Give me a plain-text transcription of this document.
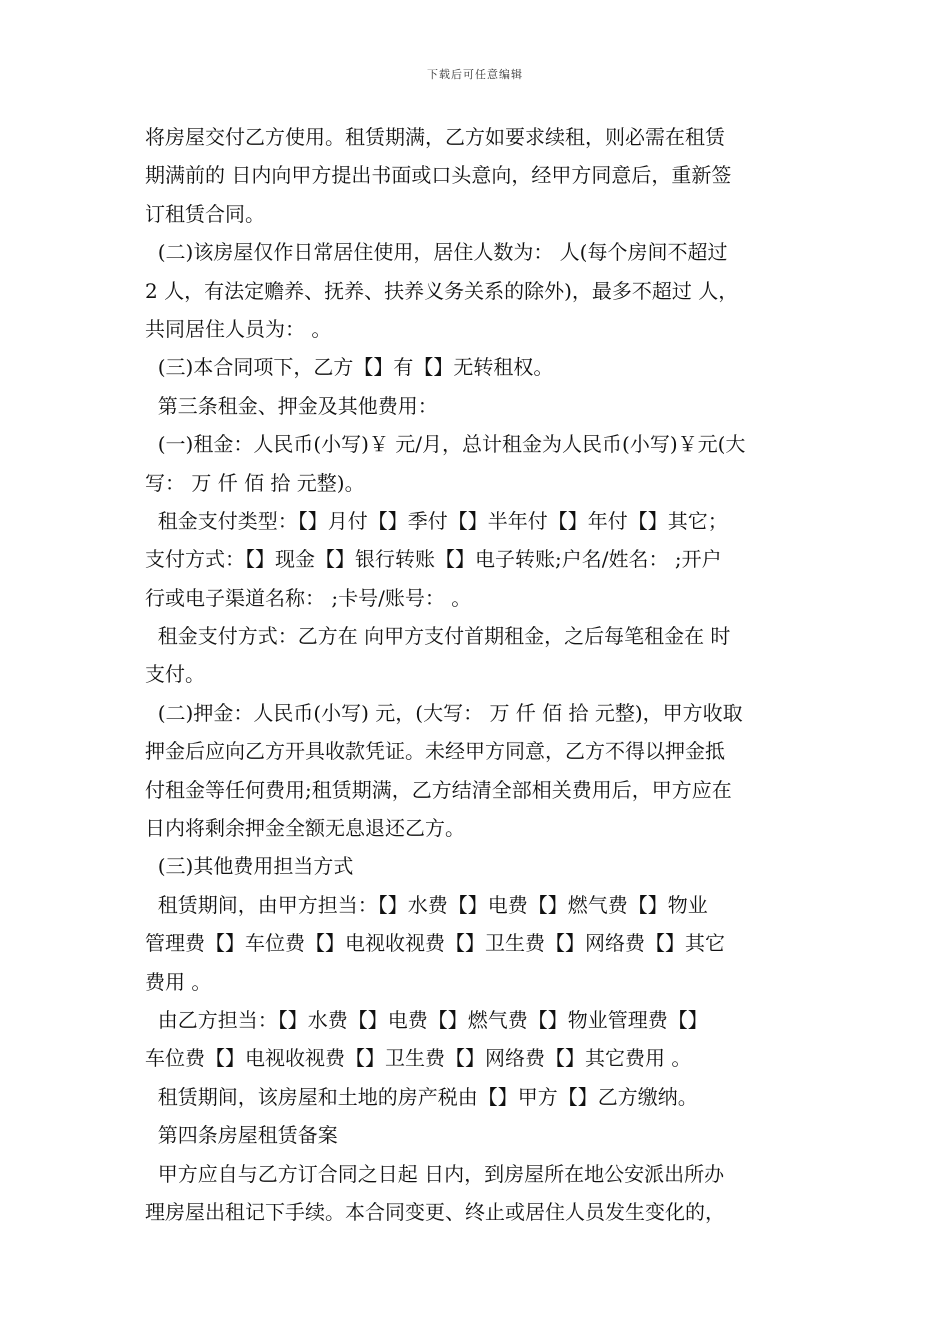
下载后可任意编辑
将房屋交付乙方使用。租赁期满，乙方如要求续租，则必需在租赁
期满前的 日内向甲方提出书面或口头意向，经甲方同意后，重新签
订租赁合同。
(二)该房屋仅作日常居住使用，居住人数为： 人(每个房间不超过
2 人，有法定赡养、抚养、扶养义务关系的除外)，最多不超过 人，
共同居住人员为： 。
(三)本合同项下，乙方【】有【】无转租权。
第三条租金、押金及其他费用：
(一)租金：人民币(小写)￥ 元/月，总计租金为人民币(小写)￥元(大
写： 万 仟 佰 拾 元整)。
租金支付类型：【】月付【】季付【】半年付【】年付【】其它；
支付方式：【】现金【】银行转账【】电子转账;户名/姓名： ;开户
行或电子渠道名称： ;卡号/账号： 。
租金支付方式：乙方在 向甲方支付首期租金，之后每笔租金在 时
支付。
(二)押金：人民币(小写) 元，(大写： 万 仟 佰 拾 元整)，甲方收取
押金后应向乙方开具收款凭证。未经甲方同意，乙方不得以押金抵
付租金等任何费用;租赁期满，乙方结清全部相关费用后，甲方应在
日内将剩余押金全额无息退还乙方。
(三)其他费用担当方式
租赁期间，由甲方担当：【】水费【】电费【】燃气费【】物业
管理费【】车位费【】电视收视费【】卫生费【】网络费【】其它
费用 。
由乙方担当：【】水费【】电费【】燃气费【】物业管理费【】
车位费【】电视收视费【】卫生费【】网络费【】其它费用 。
租赁期间，该房屋和土地的房产税由【】甲方【】乙方缴纳。
第四条房屋租赁备案
甲方应自与乙方订合同之日起 日内，到房屋所在地公安派出所办
理房屋出租记下手续。本合同变更、终止或居住人员发生变化的，
